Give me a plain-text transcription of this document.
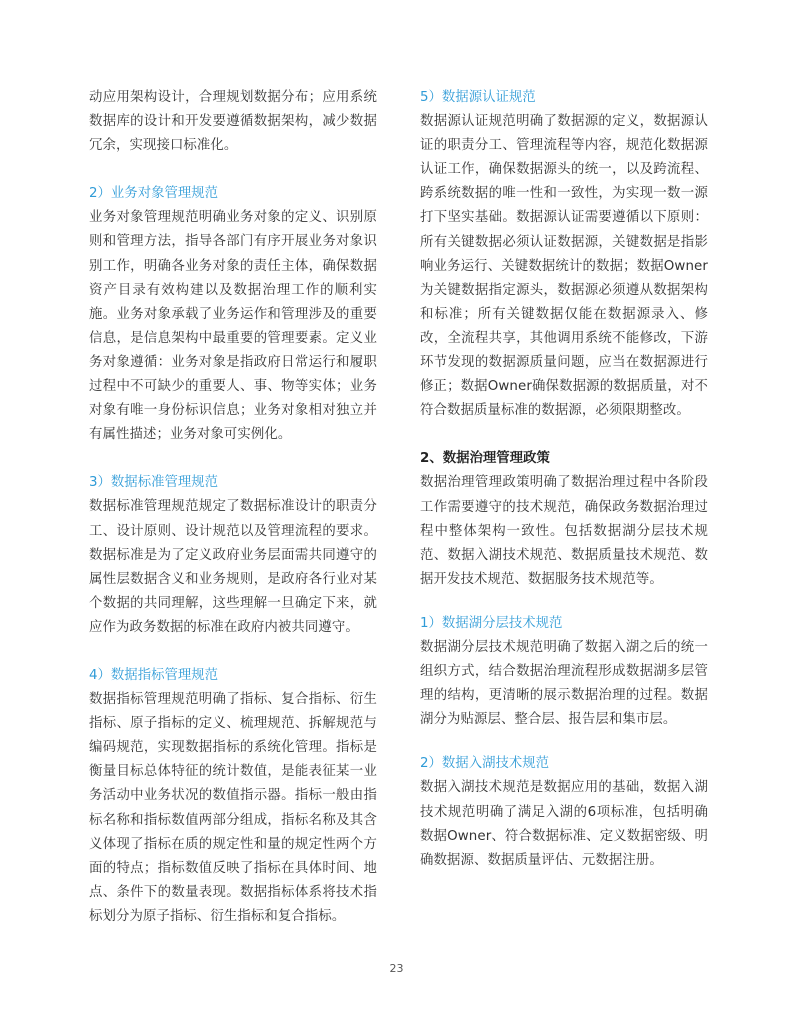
动应用架构设计，合理规划数据分布；应用系统数据库的设计和开发要遵循数据架构，减少数据冗余，实现接口标准化。

2）业务对象管理规范

业务对象管理规范明确业务对象的定义、识别原则和管理方法，指导各部门有序开展业务对象识别工作，明确各业务对象的责任主体，确保数据资产目录有效构建以及数据治理工作的顺利实施。业务对象承载了业务运作和管理涉及的重要信息，是信息架构中最重要的管理要素。定义业务对象遵循：业务对象是指政府日常运行和履职过程中不可缺少的重要人、事、物等实体；业务对象有唯一身份标识信息；业务对象相对独立并有属性描述；业务对象可实例化。

3）数据标准管理规范

数据标准管理规范规定了数据标准设计的职责分工、设计原则、设计规范以及管理流程的要求。数据标准是为了定义政府业务层面需共同遵守的属性层数据含义和业务规则，是政府各行业对某个数据的共同理解，这些理解一旦确定下来，就应作为政务数据的标准在政府内被共同遵守。

4）数据指标管理规范

数据指标管理规范明确了指标、复合指标、衍生指标、原子指标的定义、梳理规范、拆解规范与编码规范，实现数据指标的系统化管理。指标是衡量目标总体特征的统计数值，是能表征某一业务活动中业务状况的数值指示器。指标一般由指标名称和指标数值两部分组成，指标名称及其含义体现了指标在质的规定性和量的规定性两个方面的特点；指标数值反映了指标在具体时间、地点、条件下的数量表现。数据指标体系将技术指标划分为原子指标、衍生指标和复合指标。

5）数据源认证规范

数据源认证规范明确了数据源的定义，数据源认证的职责分工、管理流程等内容，规范化数据源认证工作，确保数据源头的统一，以及跨流程、跨系统数据的唯一性和一致性，为实现一数一源打下坚实基础。数据源认证需要遵循以下原则：所有关键数据必须认证数据源，关键数据是指影响业务运行、关键数据统计的数据；数据Owner为关键数据指定源头，数据源必须遵从数据架构和标准；所有关键数据仅能在数据源录入、修改，全流程共享，其他调用系统不能修改，下游环节发现的数据源质量问题，应当在数据源进行修正；数据Owner确保数据源的数据质量，对不符合数据质量标准的数据源，必须限期整改。

2、数据治理管理政策

数据治理管理政策明确了数据治理过程中各阶段工作需要遵守的技术规范，确保政务数据治理过程中整体架构一致性。包括数据湖分层技术规范、数据入湖技术规范、数据质量技术规范、数据开发技术规范、数据服务技术规范等。

1）数据湖分层技术规范

数据湖分层技术规范明确了数据入湖之后的统一组织方式，结合数据治理流程形成数据湖多层管理的结构，更清晰的展示数据治理的过程。数据湖分为贴源层、整合层、报告层和集市层。

2）数据入湖技术规范

数据入湖技术规范是数据应用的基础，数据入湖技术规范明确了满足入湖的6项标准，包括明确数据Owner、符合数据标准、定义数据密级、明确数据源、数据质量评估、元数据注册。

23
